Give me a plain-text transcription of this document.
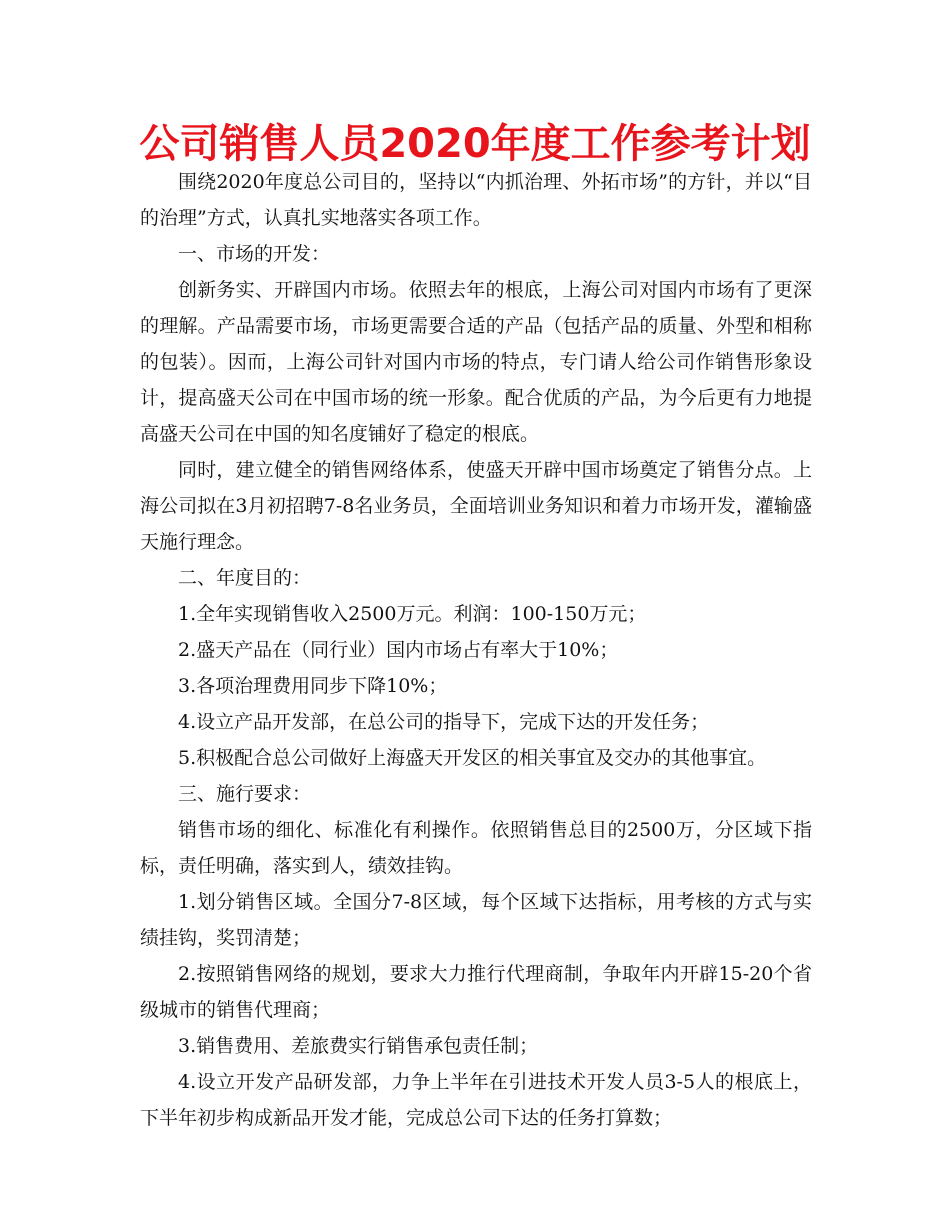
公司销售人员2020年度工作参考计划

围绕2020年度总公司目的，坚持以“内抓治理、外拓市场”的方针，并以“目的治理”方式，认真扎实地落实各项工作。

一、市场的开发：

创新务实、开辟国内市场。依照去年的根底，上海公司对国内市场有了更深的理解。产品需要市场，市场更需要合适的产品（包括产品的质量、外型和相称的包装）。因而，上海公司针对国内市场的特点，专门请人给公司作销售形象设计，提高盛天公司在中国市场的统一形象。配合优质的产品，为今后更有力地提高盛天公司在中国的知名度铺好了稳定的根底。

同时，建立健全的销售网络体系，使盛天开辟中国市场奠定了销售分点。上海公司拟在3月初招聘7-8名业务员，全面培训业务知识和着力市场开发，灌输盛天施行理念。

二、年度目的：

1.全年实现销售收入2500万元。利润：100-150万元；

2.盛天产品在（同行业）国内市场占有率大于10%；

3.各项治理费用同步下降10%；

4.设立产品开发部，在总公司的指导下，完成下达的开发任务；

5.积极配合总公司做好上海盛天开发区的相关事宜及交办的其他事宜。

三、施行要求：

销售市场的细化、标准化有利操作。依照销售总目的2500万，分区域下指标，责任明确，落实到人，绩效挂钩。

1.划分销售区域。全国分7-8区域，每个区域下达指标，用考核的方式与实绩挂钩，奖罚清楚；

2.按照销售网络的规划，要求大力推行代理商制，争取年内开辟15-20个省级城市的销售代理商；

3.销售费用、差旅费实行销售承包责任制；

4.设立开发产品研发部，力争上半年在引进技术开发人员3-5人的根底上，下半年初步构成新品开发才能，完成总公司下达的任务打算数；
